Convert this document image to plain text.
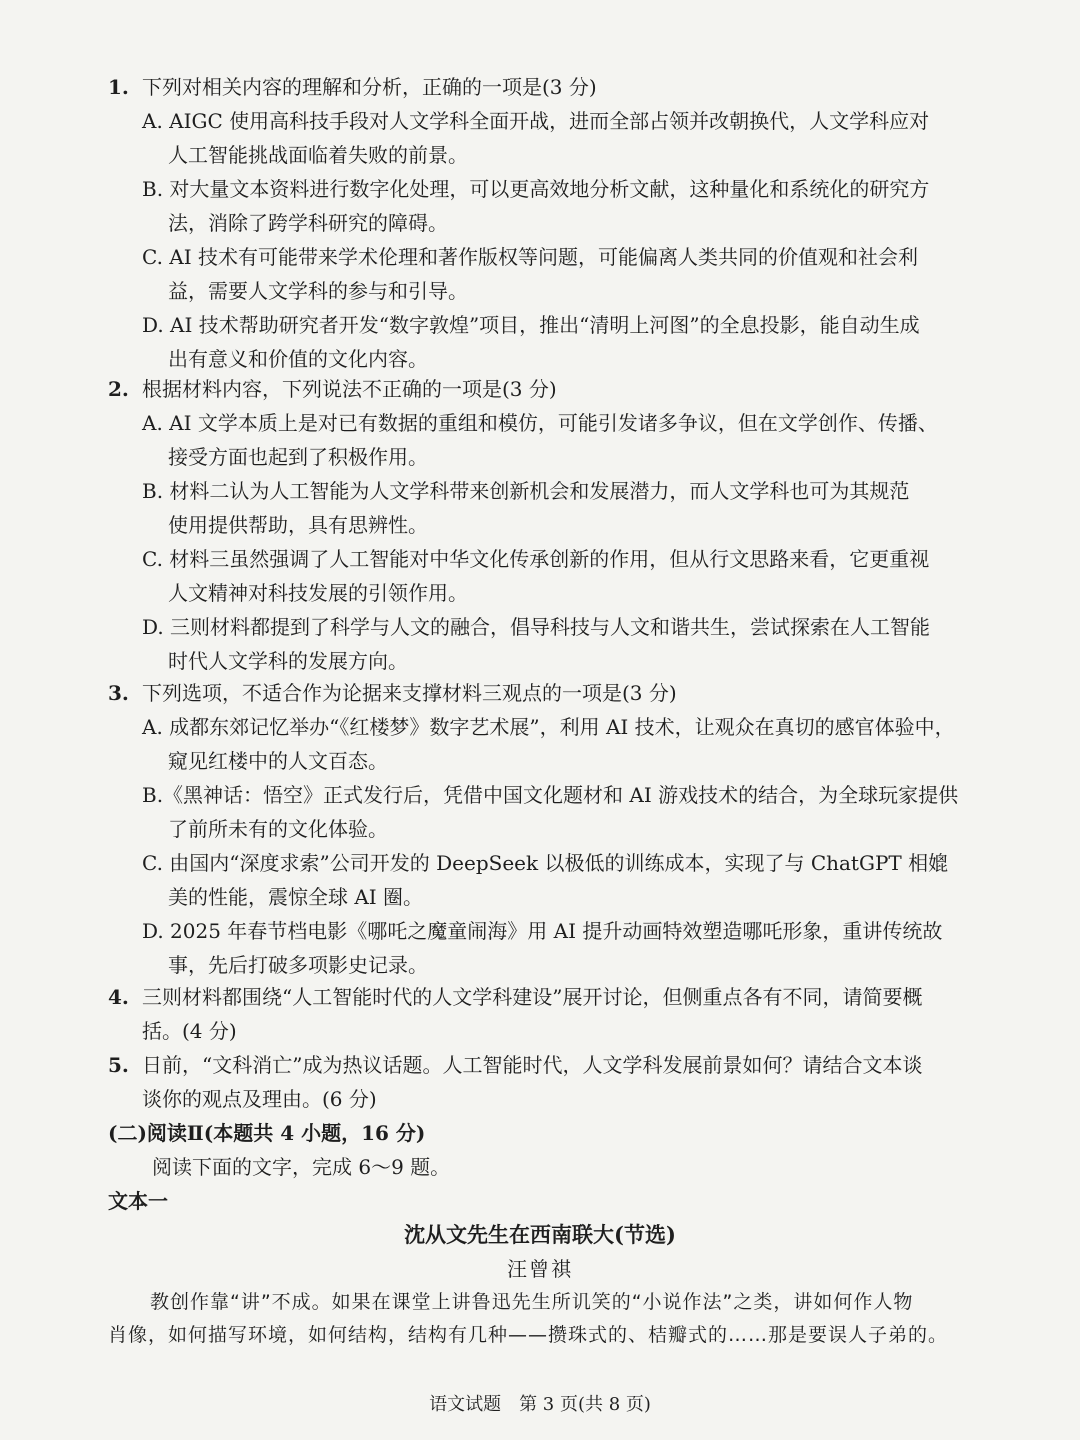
1. 下列对相关内容的理解和分析，正确的一项是(3 分)
A. AIGC 使用高科技手段对人文学科全面开战，进而全部占领并改朝换代，人文学科应对
人工智能挑战面临着失败的前景。
B. 对大量文本资料进行数字化处理，可以更高效地分析文献，这种量化和系统化的研究方
法，消除了跨学科研究的障碍。
C. AI 技术有可能带来学术伦理和著作版权等问题，可能偏离人类共同的价值观和社会利
益，需要人文学科的参与和引导。
D. AI 技术帮助研究者开发“数字敦煌”项目，推出“清明上河图”的全息投影，能自动生成
出有意义和价值的文化内容。
2. 根据材料内容，下列说法不正确的一项是(3 分)
A. AI 文学本质上是对已有数据的重组和模仿，可能引发诸多争议，但在文学创作、传播、
接受方面也起到了积极作用。
B. 材料二认为人工智能为人文学科带来创新机会和发展潜力，而人文学科也可为其规范
使用提供帮助，具有思辨性。
C. 材料三虽然强调了人工智能对中华文化传承创新的作用，但从行文思路来看，它更重视
人文精神对科技发展的引领作用。
D. 三则材料都提到了科学与人文的融合，倡导科技与人文和谐共生，尝试探索在人工智能
时代人文学科的发展方向。
3. 下列选项，不适合作为论据来支撑材料三观点的一项是(3 分)
A. 成都东郊记忆举办“《红楼梦》数字艺术展”，利用 AI 技术，让观众在真切的感官体验中，
窥见红楼中的人文百态。
B.《黑神话：悟空》正式发行后，凭借中国文化题材和 AI 游戏技术的结合，为全球玩家提供
了前所未有的文化体验。
C. 由国内“深度求索”公司开发的 DeepSeek 以极低的训练成本，实现了与 ChatGPT 相媲
美的性能，震惊全球 AI 圈。
D. 2025 年春节档电影《哪吒之魔童闹海》用 AI 提升动画特效塑造哪吒形象，重讲传统故
事，先后打破多项影史记录。
4. 三则材料都围绕“人工智能时代的人文学科建设”展开讨论，但侧重点各有不同，请简要概
括。(4 分)
5. 日前，“文科消亡”成为热议话题。人工智能时代，人文学科发展前景如何？请结合文本谈
谈你的观点及理由。(6 分)
(二)阅读Ⅱ(本题共 4 小题，16 分)
阅读下面的文字，完成 6～9 题。
文本一
沈从文先生在西南联大(节选)
汪曾祺
教创作靠“讲”不成。如果在课堂上讲鲁迅先生所讥笑的“小说作法”之类，讲如何作人物
肖像，如何描写环境，如何结构，结构有几种——攒珠式的、桔瓣式的……那是要误人子弟的。
语文试题　第 3 页(共 8 页)
